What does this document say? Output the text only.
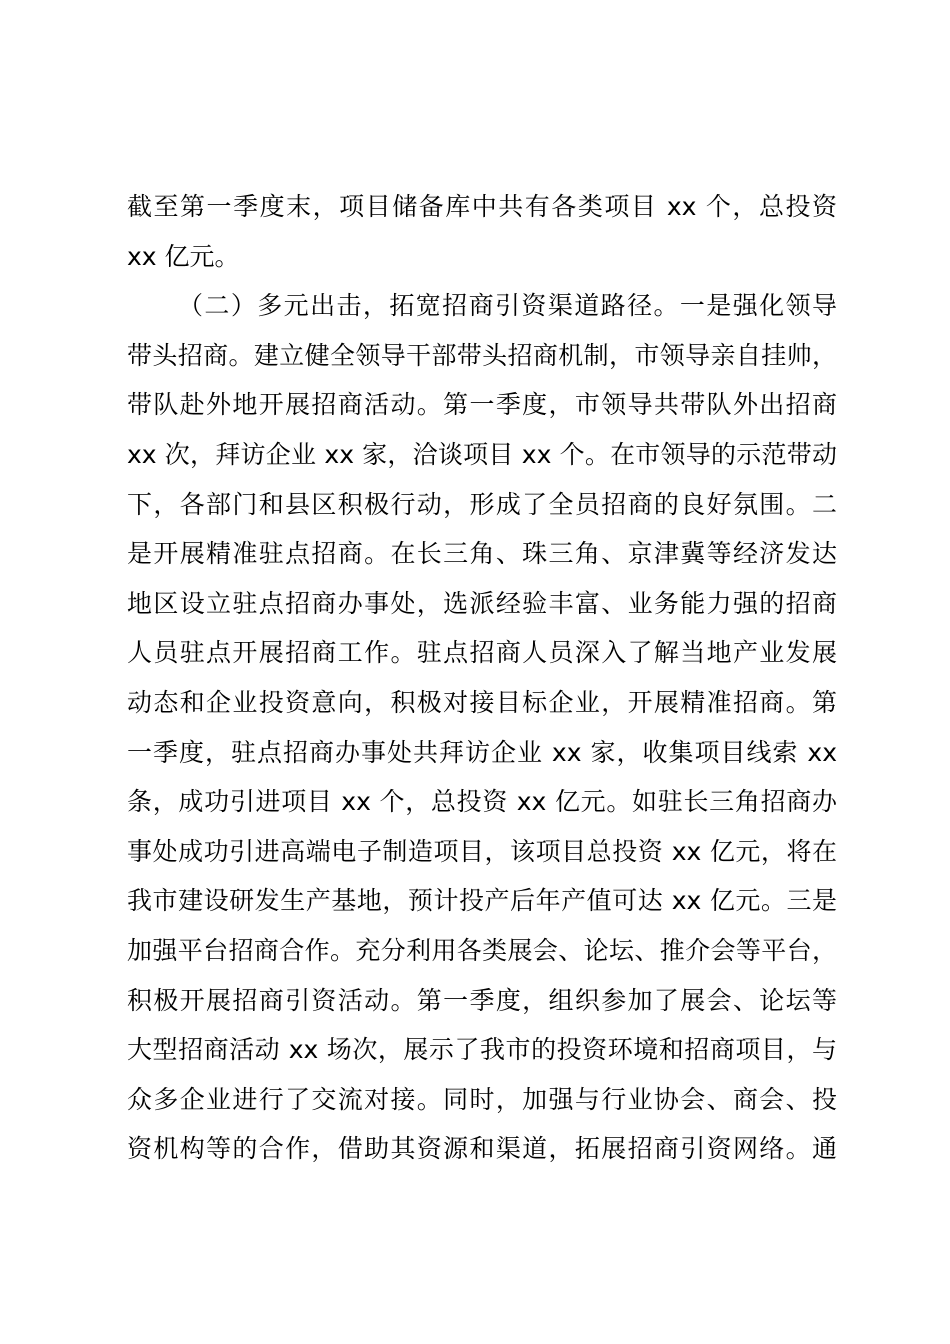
截至第一季度末，项目储备库中共有各类项目 xx 个，总投资
xx 亿元。
（二）多元出击，拓宽招商引资渠道路径。一是强化领导
带头招商。建立健全领导干部带头招商机制，市领导亲自挂帅，
带队赴外地开展招商活动。第一季度，市领导共带队外出招商
xx 次，拜访企业 xx 家，洽谈项目 xx 个。在市领导的示范带动
下，各部门和县区积极行动，形成了全员招商的良好氛围。二
是开展精准驻点招商。在长三角、珠三角、京津冀等经济发达
地区设立驻点招商办事处，选派经验丰富、业务能力强的招商
人员驻点开展招商工作。驻点招商人员深入了解当地产业发展
动态和企业投资意向，积极对接目标企业，开展精准招商。第
一季度，驻点招商办事处共拜访企业 xx 家，收集项目线索 xx
条，成功引进项目 xx 个，总投资 xx 亿元。如驻长三角招商办
事处成功引进高端电子制造项目，该项目总投资 xx 亿元，将在
我市建设研发生产基地，预计投产后年产值可达 xx 亿元。三是
加强平台招商合作。充分利用各类展会、论坛、推介会等平台，
积极开展招商引资活动。第一季度，组织参加了展会、论坛等
大型招商活动 xx 场次，展示了我市的投资环境和招商项目，与
众多企业进行了交流对接。同时，加强与行业协会、商会、投
资机构等的合作，借助其资源和渠道，拓展招商引资网络。通
